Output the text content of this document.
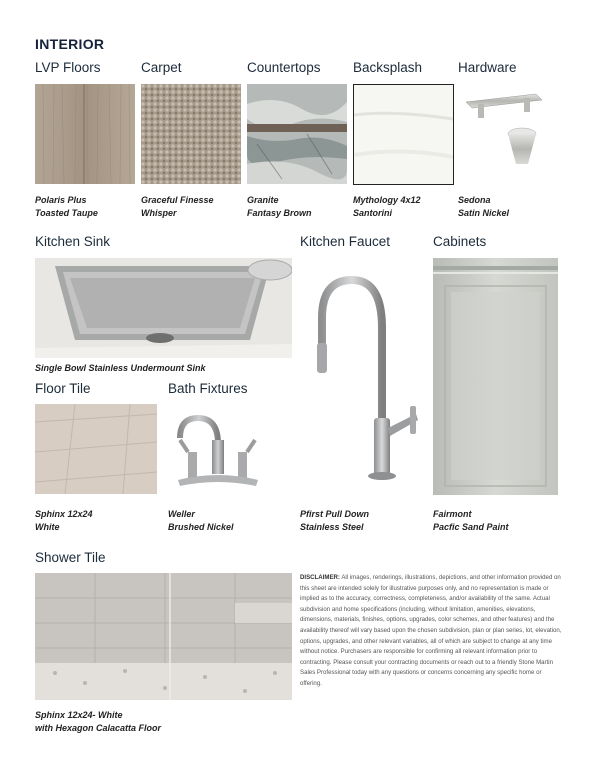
INTERIOR
LVP Floors	Carpet	Countertops Backsplash	Hardware
Polaris Plus
Toasted Taupe
Graceful Finesse
Whisper
Granite
Fantasy Brown
Mythology 4x12
Santorini
Sedona
Satin Nickel
Kitchen Sink	Kitchen Faucet	Cabinets
Single Bowl Stainless Undermount Sink
Pfirst Pull Down
Stainless Steel
Fairmont
Pacfic Sand Paint
Floor Tile	Bath Fixtures
Sphinx 12x24
White
Weller
Brushed Nickel
Shower Tile
Sphinx 12x24- White
with Hexagon Calacatta Floor
DISCLAIMER: All images, renderings, illustrations, depictions, and other information provided on this sheet are intended solely for illustrative purposes only, and no representation is made or implied as to the accuracy, correctness, completeness, and/or availability of the same. Actual subdivision and home specifications (including, without limitation, amenities, elevations, dimensions, materials, finishes, options, upgrades, color schemes, and other features) and the availability thereof will vary based upon the chosen subdivision, plan or plan series, lot, elevation, options, upgrades, and other relevant variables, all of which are subject to change at any time without notice. Purchasers are responsible for confirming all relevant information prior to contracting. Please consult your contracting documents or reach out to a friendly Stone Martin Sales Professional today with any questions or concerns concerning any specific home or offering.
